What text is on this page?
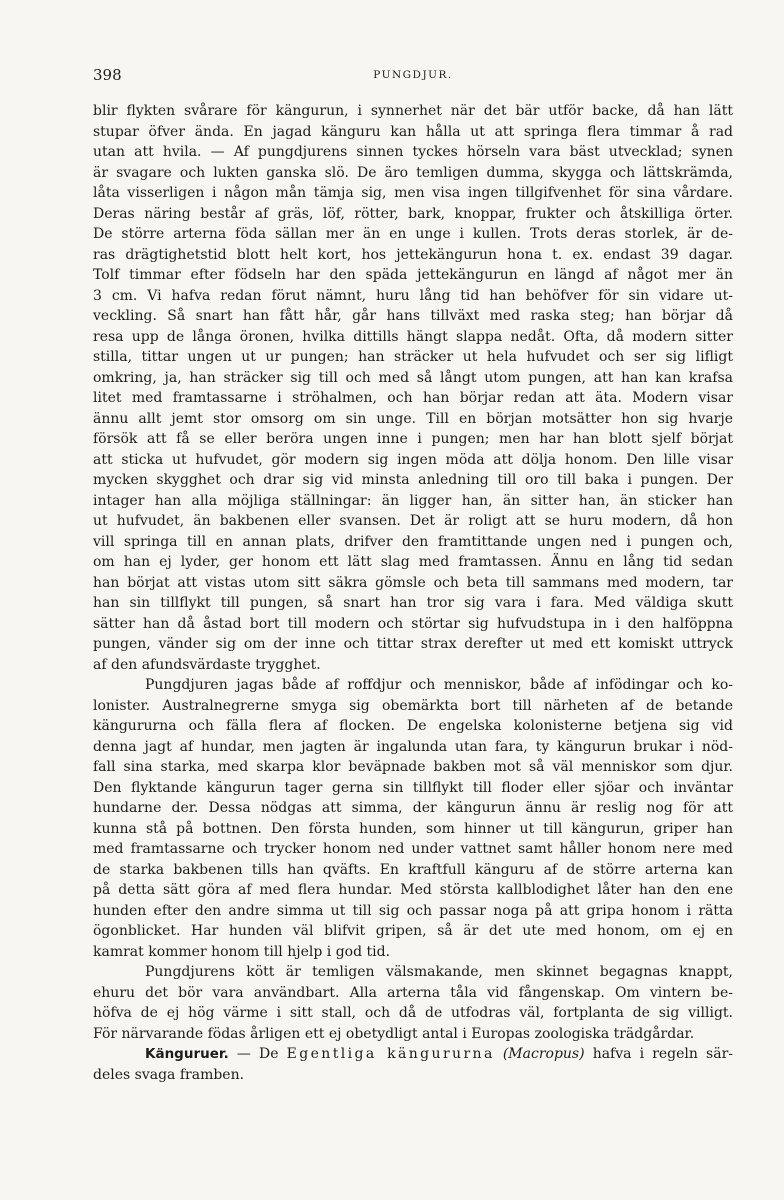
398	PUNGDJUR.
blir flykten svårare för kängurun, i synnerhet när det bär utför backe, då han lätt
stupar öfver ända. En jagad känguru kan hålla ut att springa flera timmar å rad
utan att hvila. — Af pungdjurens sinnen tyckes hörseln vara bäst utvecklad; synen
är svagare och lukten ganska slö. De äro temligen dumma, skygga och lättskrämda,
låta visserligen i någon mån tämja sig, men visa ingen tillgifvenhet för sina vårdare.
Deras näring består af gräs, löf, rötter, bark, knoppar, frukter och åtskilliga örter.
De större arterna föda sällan mer än en unge i kullen. Trots deras storlek, är de-
ras drägtighetstid blott helt kort, hos jettekängurun hona t. ex. endast 39 dagar.
Tolf timmar efter födseln har den späda jettekängurun en längd af något mer än
3 cm. Vi hafva redan förut nämnt, huru lång tid han behöfver för sin vidare ut-
veckling. Så snart han fått hår, går hans tillväxt med raska steg; han börjar då
resa upp de långa öronen, hvilka dittills hängt slappa nedåt. Ofta, då modern sitter
stilla, tittar ungen ut ur pungen; han sträcker ut hela hufvudet och ser sig lifligt
omkring, ja, han sträcker sig till och med så långt utom pungen, att han kan krafsa
litet med framtassarne i ströhalmen, och han börjar redan att äta. Modern visar
ännu allt jemt stor omsorg om sin unge. Till en början motsätter hon sig hvarje
försök att få se eller beröra ungen inne i pungen; men har han blott sjelf börjat
att sticka ut hufvudet, gör modern sig ingen möda att dölja honom. Den lille visar
mycken skygghet och drar sig vid minsta anledning till oro till baka i pungen. Der
intager han alla möjliga ställningar: än ligger han, än sitter han, än sticker han
ut hufvudet, än bakbenen eller svansen. Det är roligt att se huru modern, då hon
vill springa till en annan plats, drifver den framtittande ungen ned i pungen och,
om han ej lyder, ger honom ett lätt slag med framtassen. Ännu en lång tid sedan
han börjat att vistas utom sitt säkra gömsle och beta till sammans med modern, tar
han sin tillflykt till pungen, så snart han tror sig vara i fara. Med väldiga skutt
sätter han då åstad bort till modern och störtar sig hufvudstupa in i den halföppna
pungen, vänder sig om der inne och tittar strax derefter ut med ett komiskt uttryck
af den afundsvärdaste trygghet.
Pungdjuren jagas både af roffdjur och menniskor, både af infödingar och ko-
lonister. Australnegrerne smyga sig obemärkta bort till närheten af de betande
kängururna och fälla flera af flocken. De engelska kolonisterne betjena sig vid
denna jagt af hundar, men jagten är ingalunda utan fara, ty kängurun brukar i nöd-
fall sina starka, med skarpa klor beväpnade bakben mot så väl menniskor som djur.
Den flyktande kängurun tager gerna sin tillflykt till floder eller sjöar och inväntar
hundarne der. Dessa nödgas att simma, der kängurun ännu är reslig nog för att
kunna stå på bottnen. Den första hunden, som hinner ut till kängurun, griper han
med framtassarne och trycker honom ned under vattnet samt håller honom nere med
de starka bakbenen tills han qväfts. En kraftfull känguru af de större arterna kan
på detta sätt göra af med flera hundar. Med största kallblodighet låter han den ene
hunden efter den andre simma ut till sig och passar noga på att gripa honom i rätta
ögonblicket. Har hunden väl blifvit gripen, så är det ute med honom, om ej en
kamrat kommer honom till hjelp i god tid.
Pungdjurens kött är temligen välsmakande, men skinnet begagnas knappt,
ehuru det bör vara användbart. Alla arterna tåla vid fångenskap. Om vintern be-
höfva de ej hög värme i sitt stall, och då de utfodras väl, fortplanta de sig villigt.
För närvarande födas årligen ett ej obetydligt antal i Europas zoologiska trädgårdar.
Känguruer. — De Egentliga kängururna (Macropus) hafva i regeln sär-
deles svaga framben.
